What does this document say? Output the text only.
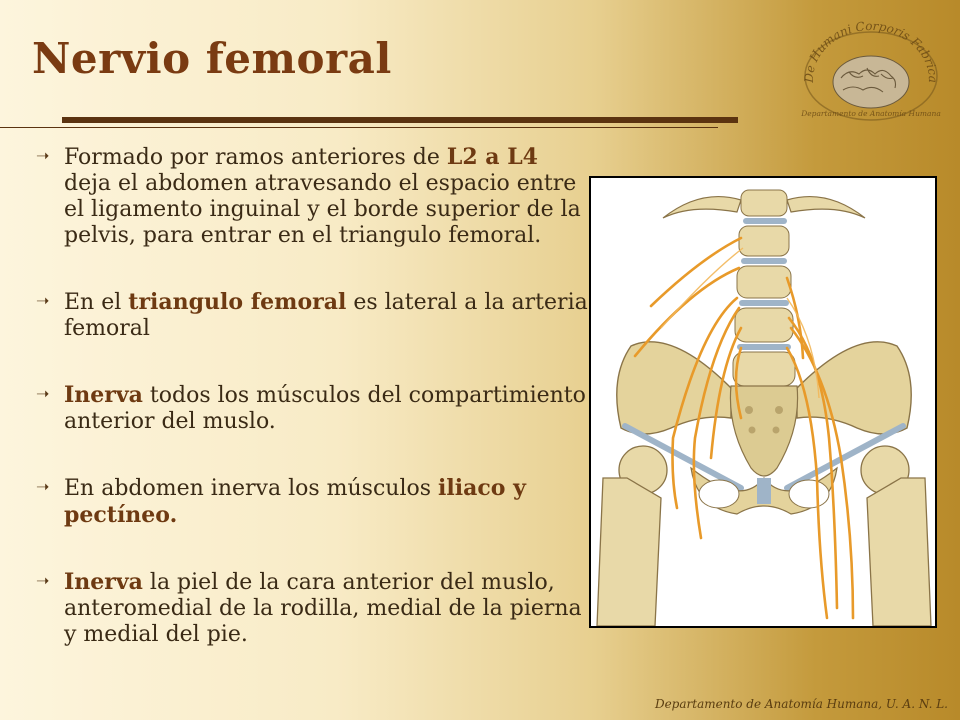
Nervio femoral	De Humani Corporis Fabrica
Departamento de Anatomía Humana
➝ Formado por ramos anteriores de L2 a L4 deja el abdomen atravesando el espacio entre el ligamento inguinal y el borde superior de la pelvis, para entrar en el triangulo femoral.
➝ En el triangulo femoral es lateral a la arteria femoral
➝ Inerva todos los músculos del compartimiento anterior del muslo.
➝ En abdomen inerva los músculos iliaco y pectíneo.
➝ Inerva la piel de la cara anterior del muslo, anteromedial de la rodilla, medial de la pierna y medial del pie.
Departamento de Anatomía Humana, U. A. N. L.
